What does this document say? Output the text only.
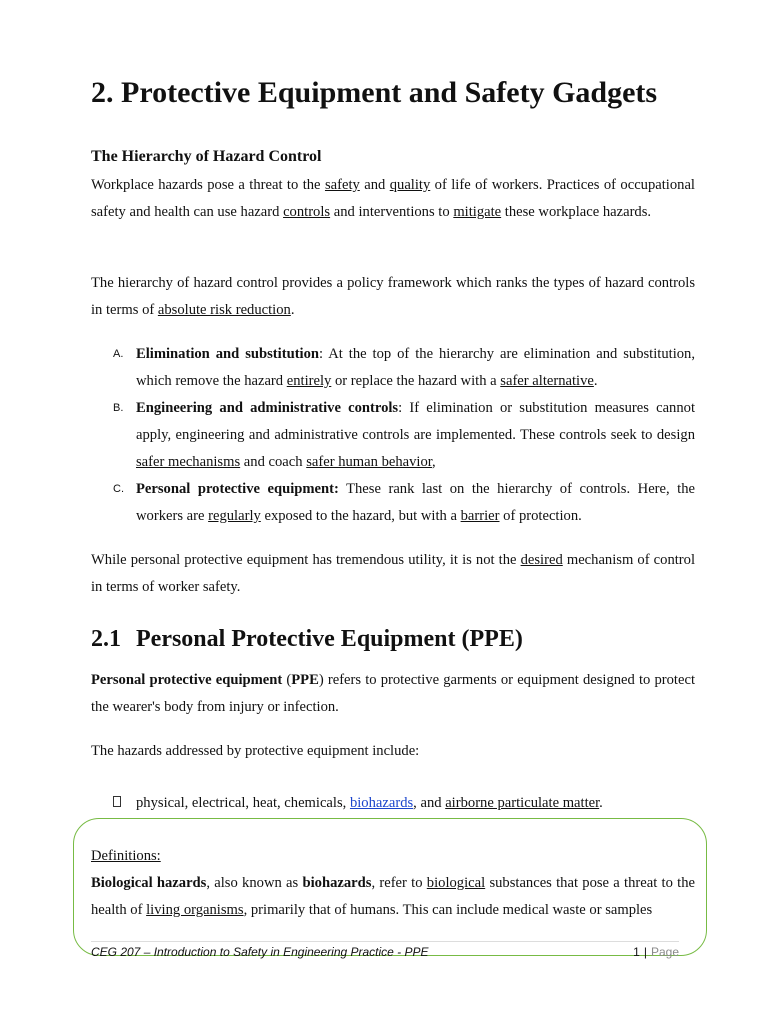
2. Protective Equipment and Safety Gadgets
The Hierarchy of Hazard Control

Workplace hazards pose a threat to the safety and quality of life of workers. Practices of occupational safety and health can use hazard controls and interventions to mitigate these workplace hazards.

The hierarchy of hazard control provides a policy framework which ranks the types of hazard controls in terms of absolute risk reduction.

A. Elimination and substitution: At the top of the hierarchy are elimination and substitution, which remove the hazard entirely or replace the hazard with a safer alternative.
B. Engineering and administrative controls: If elimination or substitution measures cannot apply, engineering and administrative controls are implemented. These controls seek to design safer mechanisms and coach safer human behavior,
C. Personal protective equipment: These rank last on the hierarchy of controls. Here, the workers are regularly exposed to the hazard, but with a barrier of protection.

While personal protective equipment has tremendous utility, it is not the desired mechanism of control in terms of worker safety.

2.1 Personal Protective Equipment (PPE)

Personal protective equipment (PPE) refers to protective garments or equipment designed to protect the wearer's body from injury or infection.

The hazards addressed by protective equipment include:

physical, electrical, heat, chemicals, biohazards, and airborne particulate matter.

Definitions:

Biological hazards, also known as biohazards, refer to biological substances that pose a threat to the health of living organisms, primarily that of humans. This can include medical waste or samples

CEG 207 – Introduction to Safety in Engineering Practice - PPE	1 | Page
